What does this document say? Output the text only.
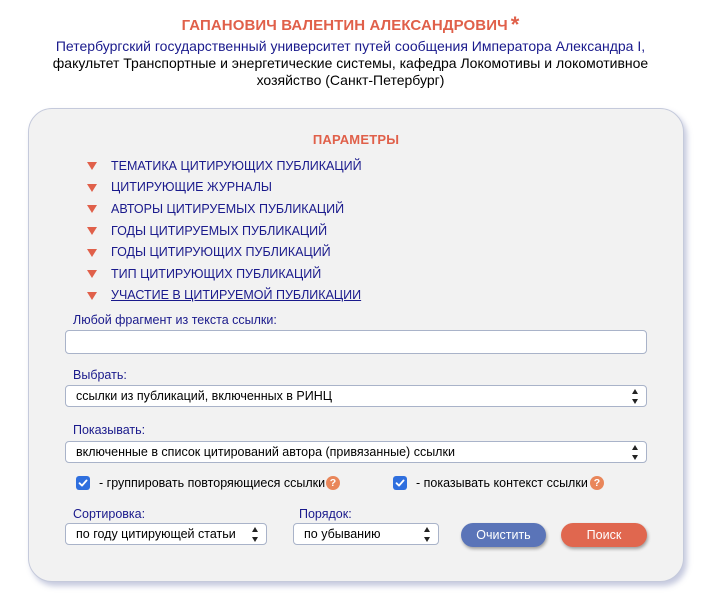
ГАПАНОВИЧ ВАЛЕНТИН АЛЕКСАНДРОВИЧ *
Петербургский государственный университет путей сообщения Императора Александра I,
факультет Транспортные и энергетические системы, кафедра Локомотивы и локомотивное хозяйство (Санкт-Петербург)
ПАРАМЕТРЫ
ТЕМАТИКА ЦИТИРУЮЩИХ ПУБЛИКАЦИЙ
ЦИТИРУЮЩИЕ ЖУРНАЛЫ
АВТОРЫ ЦИТИРУЕМЫХ ПУБЛИКАЦИЙ
ГОДЫ ЦИТИРУЕМЫХ ПУБЛИКАЦИЙ
ГОДЫ ЦИТИРУЮЩИХ ПУБЛИКАЦИЙ
ТИП ЦИТИРУЮЩИХ ПУБЛИКАЦИЙ
УЧАСТИЕ В ЦИТИРУЕМОЙ ПУБЛИКАЦИИ
Любой фрагмент из текста ссылки:
Выбрать:
ссылки из публикаций, включенных в РИНЦ
Показывать:
включенные в список цитирований автора (привязанные) ссылки
- группировать повторяющиеся ссылки ?	- показывать контекст ссылки ?
Сортировка:
по году цитирующей статьи
Порядок:
по убыванию	Очистить	Поиск
